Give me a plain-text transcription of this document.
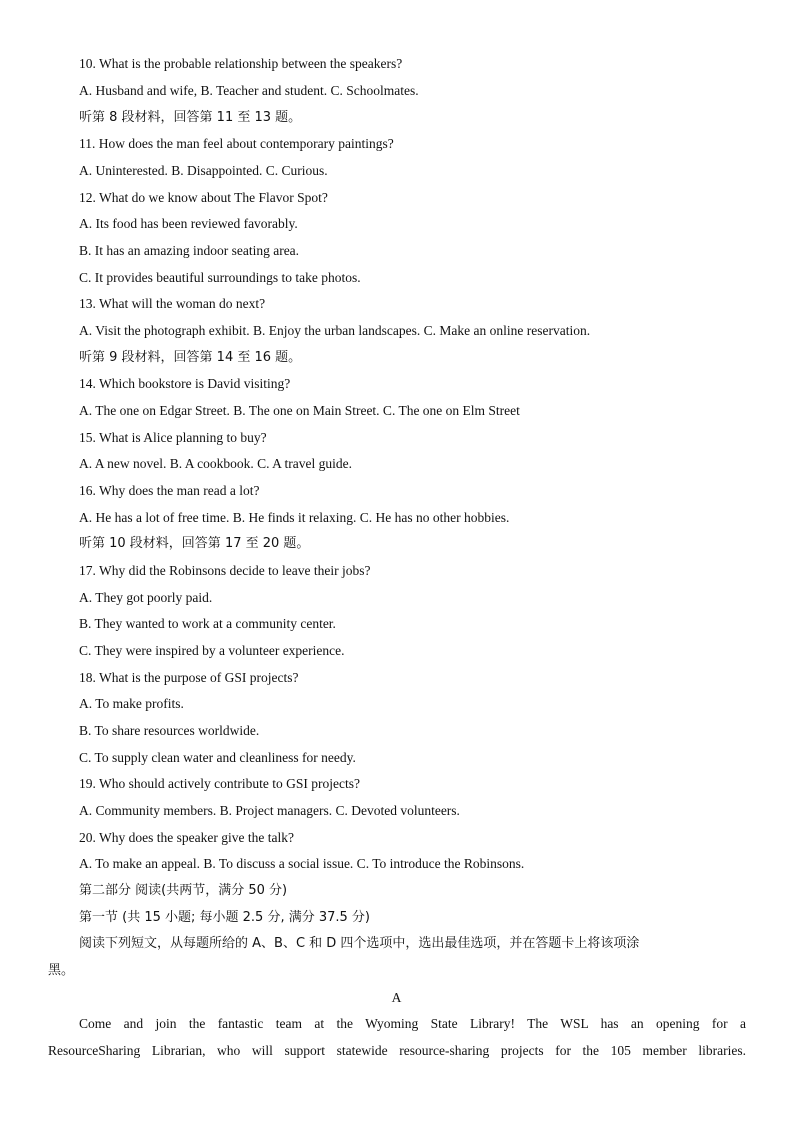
10. What is the probable relationship between the speakers?
A. Husband and wife, B. Teacher and student. C. Schoolmates.
听第 8 段材料，回答第 11 至 13 题。
11. How does the man feel about contemporary paintings?
A. Uninterested. B. Disappointed. C. Curious.
12. What do we know about The Flavor Spot?
A. Its food has been reviewed favorably.
B. It has an amazing indoor seating area.
C. It provides beautiful surroundings to take photos.
13. What will the woman do next?
A. Visit the photograph exhibit. B. Enjoy the urban landscapes. C. Make an online reservation.
听第 9 段材料，回答第 14 至 16 题。
14. Which bookstore is David visiting?
A. The one on Edgar Street. B. The one on Main Street. C. The one on Elm Street
15. What is Alice planning to buy?
A. A new novel. B. A cookbook. C. A travel guide.
16. Why does the man read a lot?
A. He has a lot of free time. B. He finds it relaxing. C. He has no other hobbies.
听第 10 段材料，回答第 17 至 20 题。
17. Why did the Robinsons decide to leave their jobs?
A. They got poorly paid.
B. They wanted to work at a community center.
C. They were inspired by a volunteer experience.
18. What is the purpose of GSI projects?
A. To make profits.
B. To share resources worldwide.
C. To supply clean water and cleanliness for needy.
19. Who should actively contribute to GSI projects?
A. Community members. B. Project managers. C. Devoted volunteers.
20. Why does the speaker give the talk?
A. To make an appeal. B. To discuss a social issue. C. To introduce the Robinsons.
第二部分 阅读(共两节，满分 50 分)
第一节 (共 15 小题; 每小题 2.5 分, 满分 37.5 分)
阅读下列短文，从每题所给的 A、B、C 和 D 四个选项中，选出最佳选项，并在答题卡上将该项涂
黑。
A
Come and join the fantastic team at the Wyoming State Library! The WSL has an opening for a
ResourceSharing Librarian, who will support statewide resource-sharing projects for the 105 member libraries.
